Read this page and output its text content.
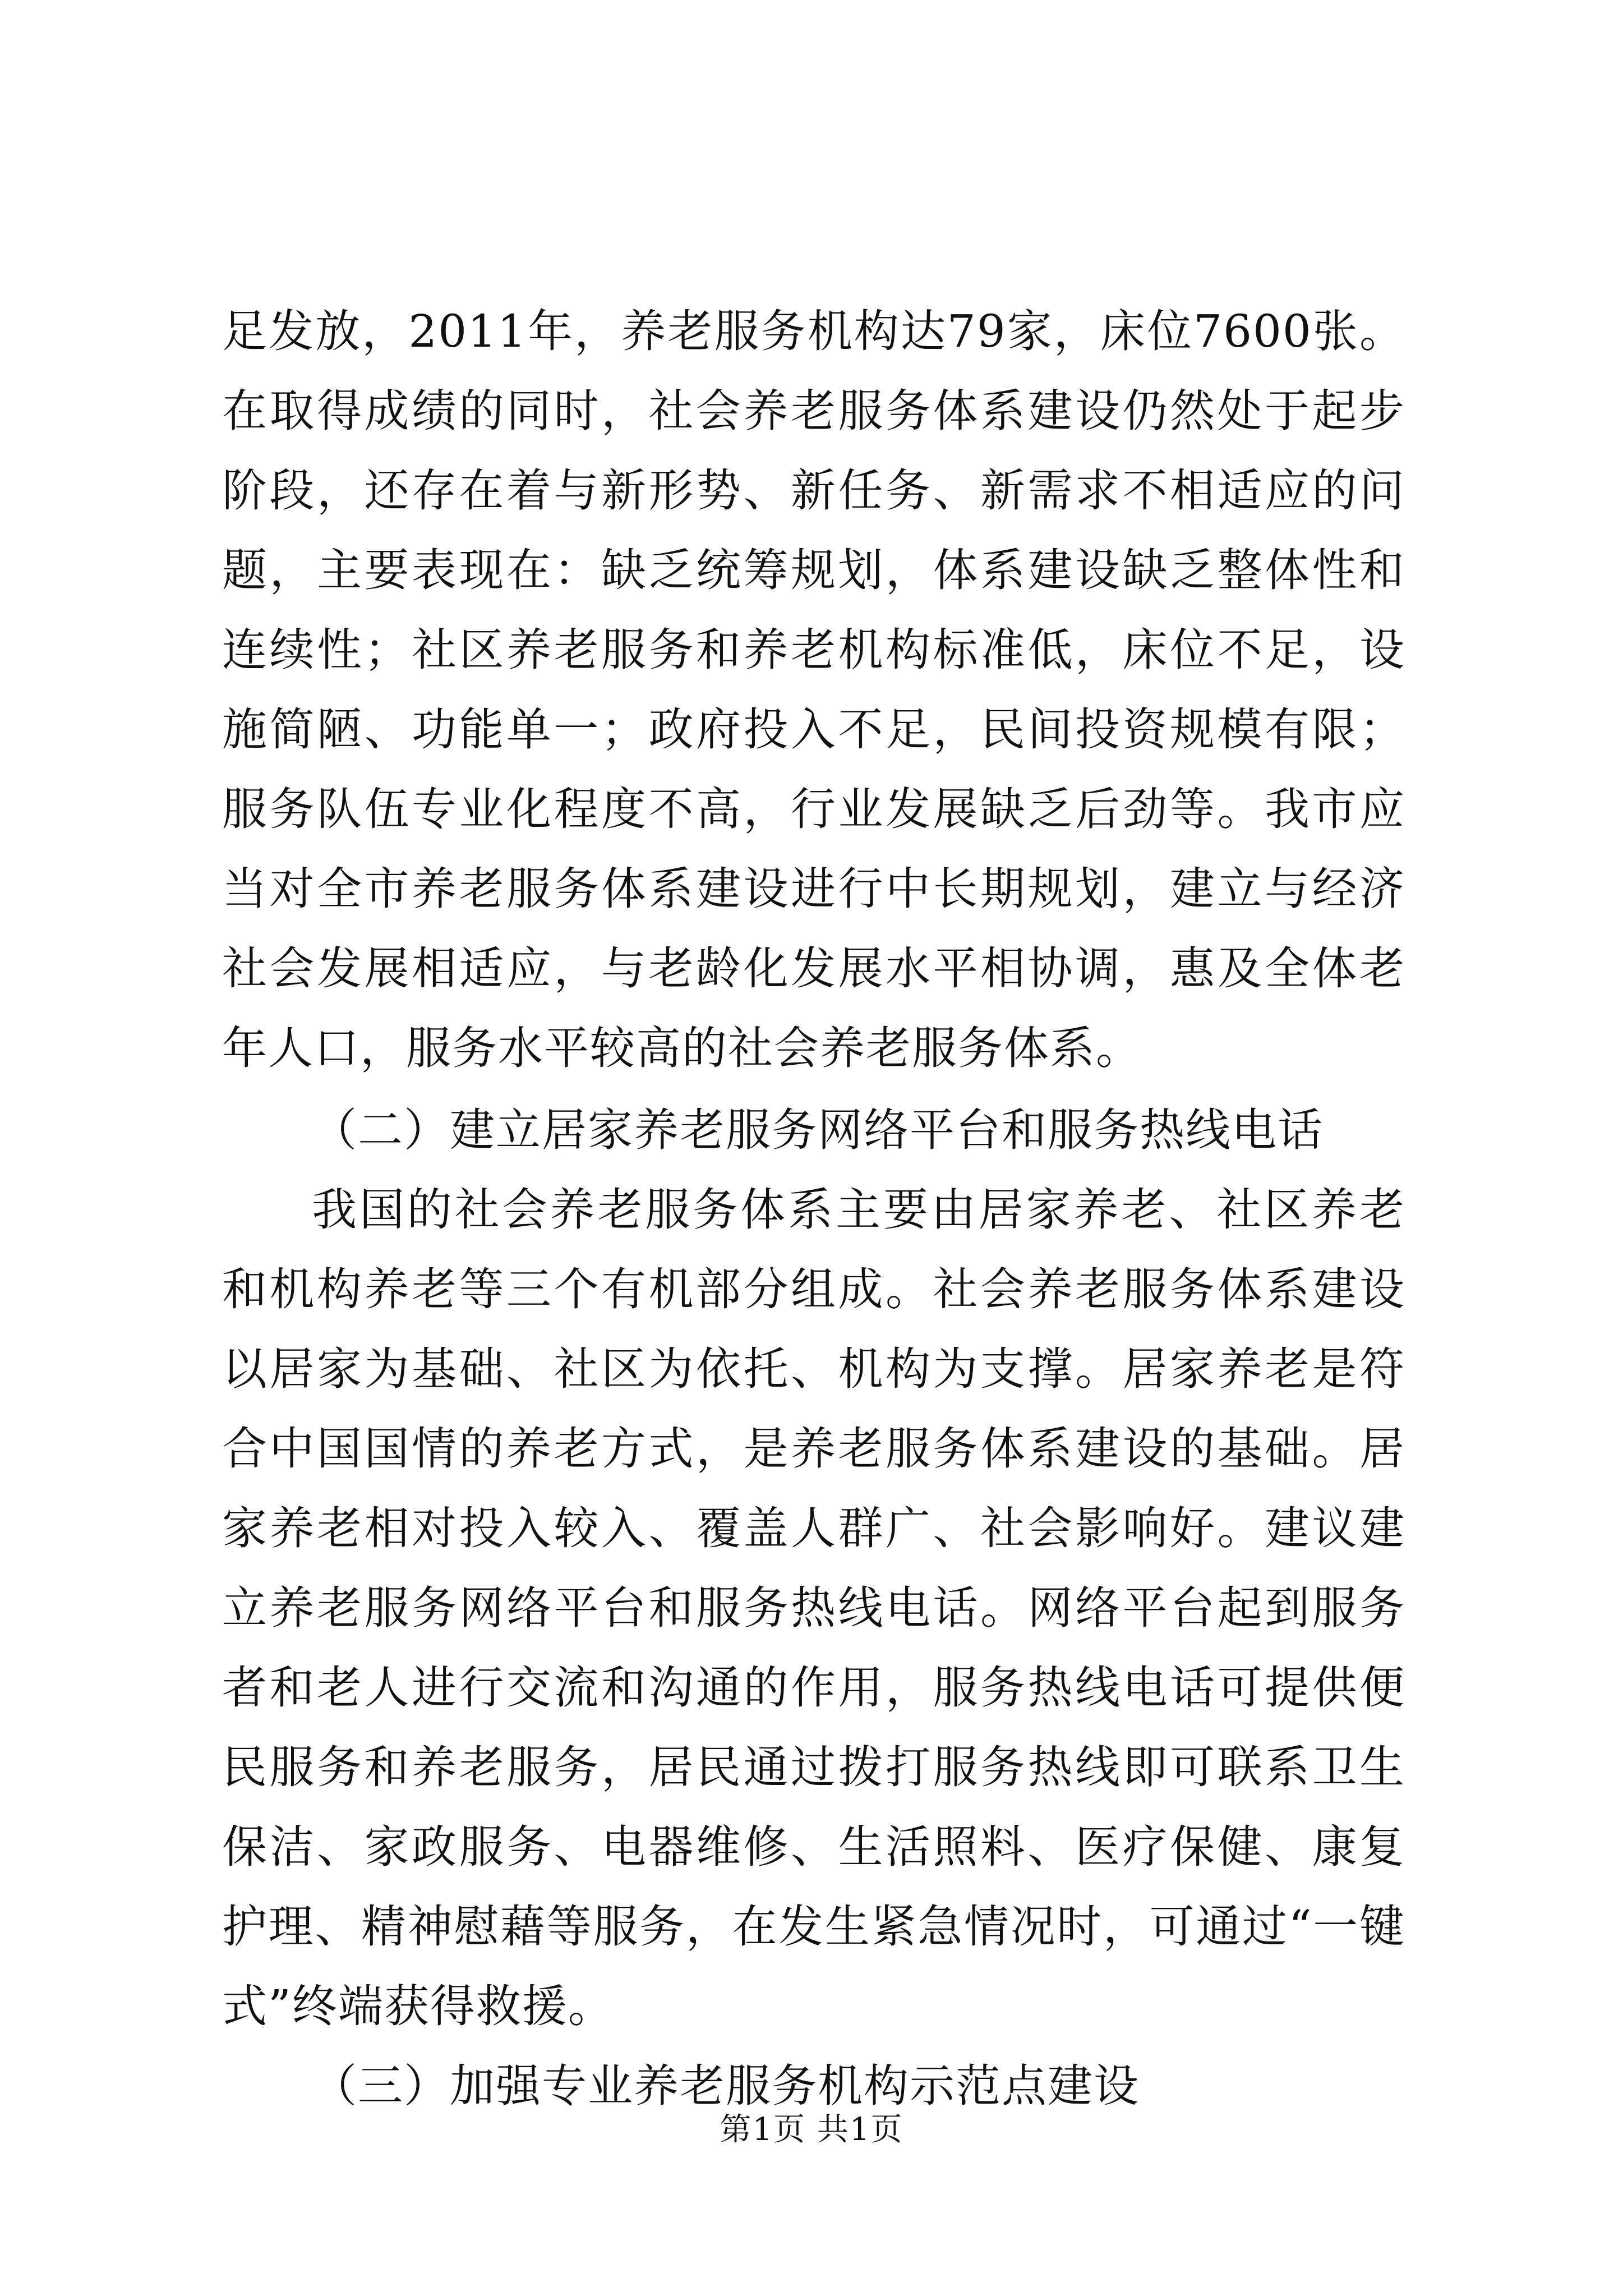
足发放，2011年，养老服务机构达79家，床位7600张。在取得成绩的同时，社会养老服务体系建设仍然处于起步阶段，还存在着与新形势、新任务、新需求不相适应的问题，主要表现在：缺乏统筹规划，体系建设缺乏整体性和连续性；社区养老服务和养老机构标准低，床位不足，设施简陋、功能单一；政府投入不足，民间投资规模有限；服务队伍专业化程度不高，行业发展缺乏后劲等。我市应当对全市养老服务体系建设进行中长期规划，建立与经济社会发展相适应，与老龄化发展水平相协调，惠及全体老年人口，服务水平较高的社会养老服务体系。

（二）建立居家养老服务网络平台和服务热线电话

我国的社会养老服务体系主要由居家养老、社区养老和机构养老等三个有机部分组成。社会养老服务体系建设以居家为基础、社区为依托、机构为支撑。居家养老是符合中国国情的养老方式，是养老服务体系建设的基础。居家养老相对投入较入、覆盖人群广、社会影响好。建议建立养老服务网络平台和服务热线电话。网络平台起到服务者和老人进行交流和沟通的作用，服务热线电话可提供便民服务和养老服务，居民通过拨打服务热线即可联系卫生保洁、家政服务、电器维修、生活照料、医疗保健、康复护理、精神慰藉等服务，在发生紧急情况时，可通过“一键式”终端获得救援。

（三）加强专业养老服务机构示范点建设

第1页 共1页
